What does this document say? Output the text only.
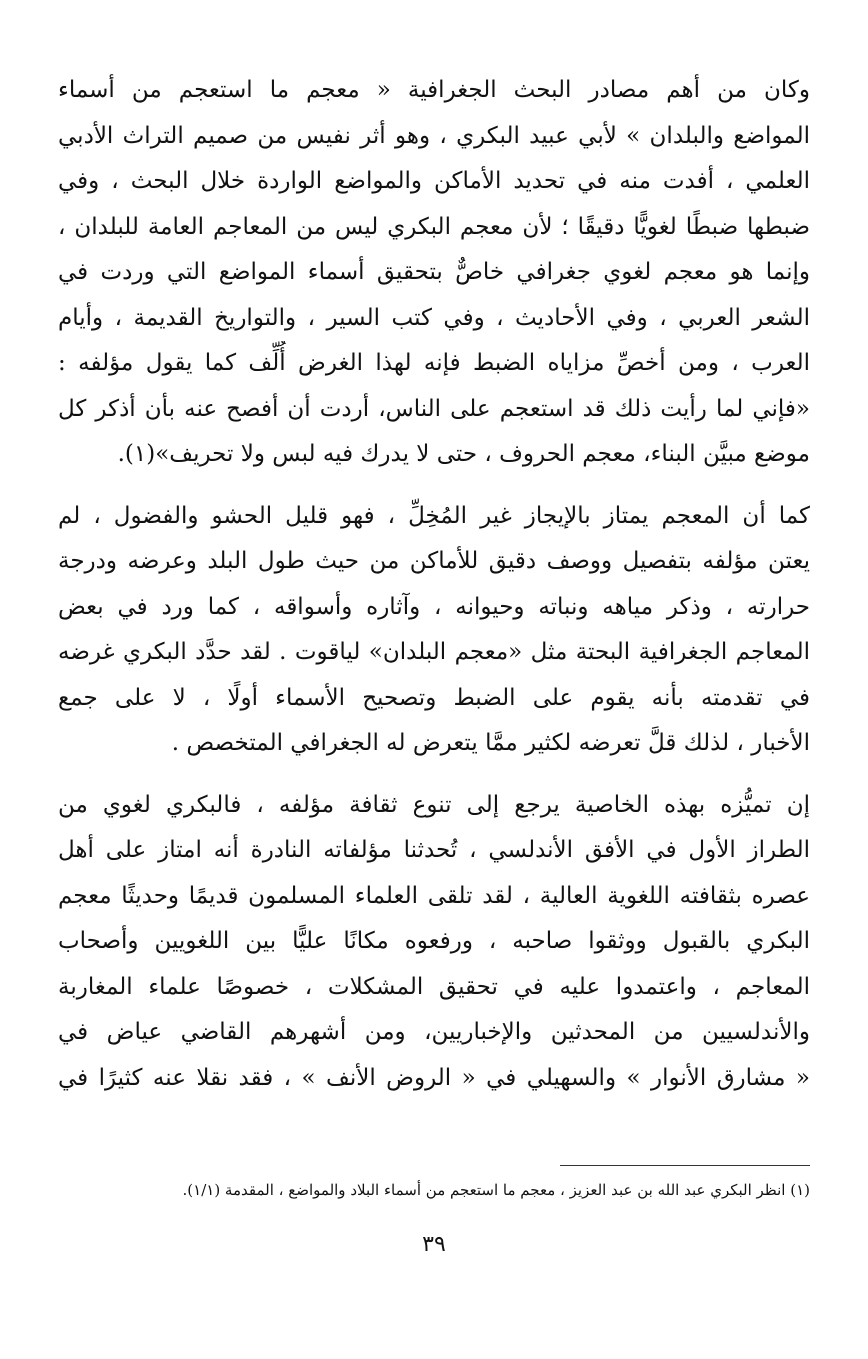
وكان من أهم مصادر البحث الجغرافية « معجم ما استعجم من أسماء
المواضع والبلدان » لأبي عبيد البكري ، وهو أثر نفيس من صميم التراث الأدبي
العلمي ، أفدت منه في تحديد الأماكن والمواضع الواردة خلال البحث ، وفي
ضبطها ضبطًا لغويًّا دقيقًا ؛ لأن معجم البكري ليس من المعاجم العامة للبلدان ،
وإنما هو معجم لغوي جغرافي خاصٌّ بتحقيق أسماء المواضع التي وردت في
الشعر العربي ، وفي الأحاديث ، وفي كتب السير ، والتواريخ القديمة ، وأيام
العرب ، ومن أخصِّ مزاياه الضبط فإنه لهذا الغرض أُلِّف كما يقول مؤلفه :
«فإني لما رأيت ذلك قد استعجم على الناس، أردت أن أفصح عنه بأن أذكر كل
موضع مبيَّن البناء، معجم الحروف ، حتى لا يدرك فيه لبس ولا تحريف»(١).
كما أن المعجم يمتاز بالإيجاز غير المُخِلِّ ، فهو قليل الحشو والفضول ، لم
يعتن مؤلفه بتفصيل ووصف دقيق للأماكن من حيث طول البلد وعرضه ودرجة
حرارته ، وذكر مياهه ونباته وحيوانه ، وآثاره وأسواقه ، كما ورد في بعض
المعاجم الجغرافية البحتة مثل «معجم البلدان» لياقوت . لقد حدَّد البكري غرضه
في تقدمته بأنه يقوم على الضبط وتصحيح الأسماء أولًا ، لا على جمع
الأخبار ، لذلك قلَّ تعرضه لكثير ممَّا يتعرض له الجغرافي المتخصص .
إن تميُّزه بهذه الخاصية يرجع إلى تنوع ثقافة مؤلفه ، فالبكري لغوي من
الطراز الأول في الأفق الأندلسي ، تُحدثنا مؤلفاته النادرة أنه امتاز على أهل
عصره بثقافته اللغوية العالية ، لقد تلقى العلماء المسلمون قديمًا وحديثًا معجم
البكري بالقبول ووثقوا صاحبه ، ورفعوه مكانًا عليًّا بين اللغويين وأصحاب
المعاجم ، واعتمدوا عليه في تحقيق المشكلات ، خصوصًا علماء المغاربة
والأندلسيين من المحدثين والإخباريين، ومن أشهرهم القاضي عياض في
« مشارق الأنوار » والسهيلي في « الروض الأنف » ، فقد نقلا عنه كثيرًا في
(١) انظر البكري عبد الله بن عبد العزيز ، معجم ما استعجم من أسماء البلاد والمواضع ، المقدمة (١/١).
٣٩
